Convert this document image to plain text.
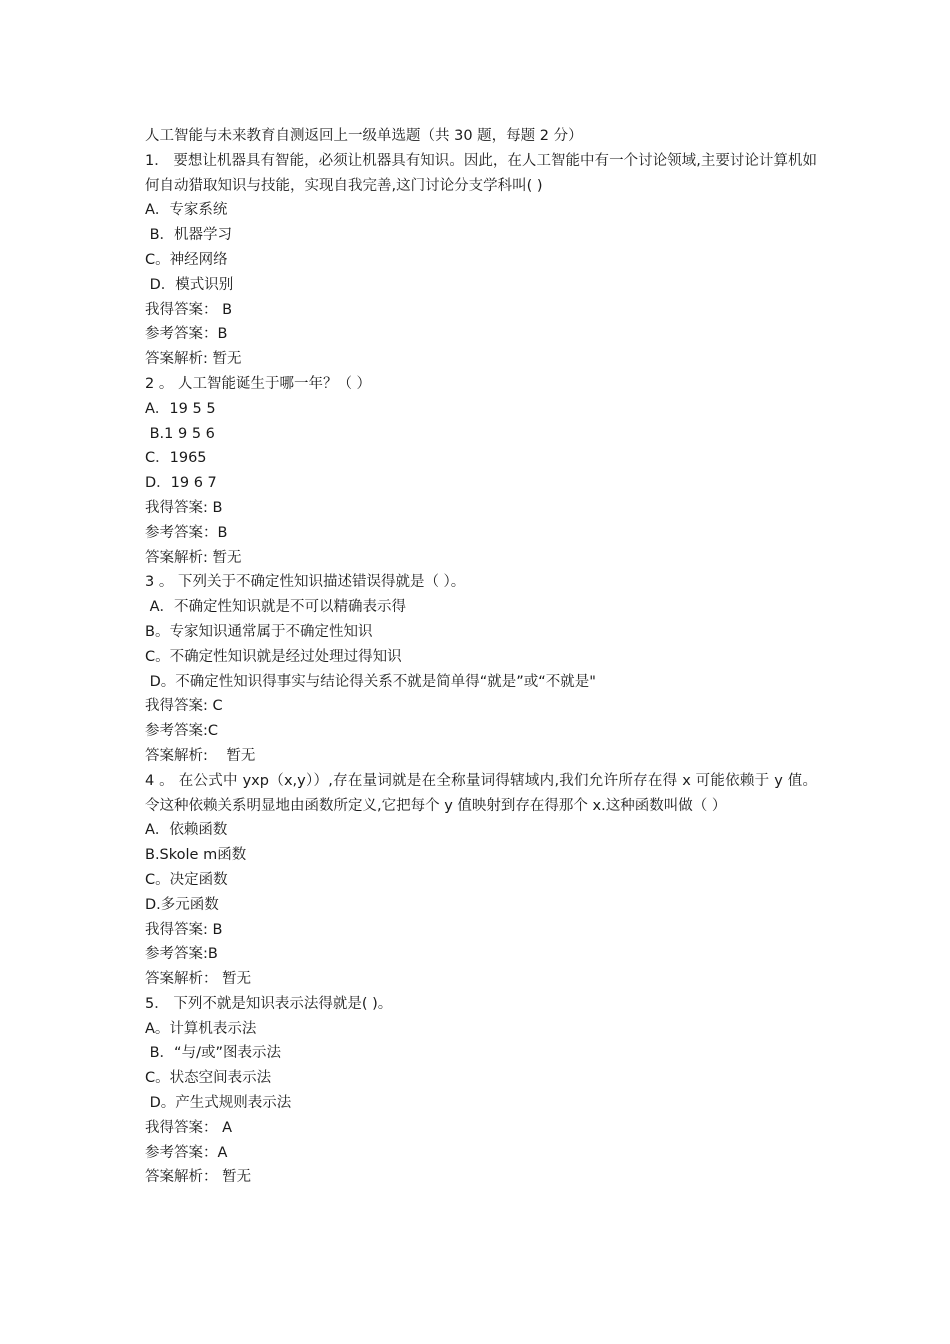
人工智能与未来教育自测返回上一级单选题（共 30 题，每题 2 分）

1． 要想让机器具有智能，必须让机器具有知识。因此，在人工智能中有一个讨论领域,主要讨论计算机如何自动猎取知识与技能，实现自我完善,这门讨论分支学科叫( )

A．专家系统

B．机器学习

C。神经网络

D．模式识别

我得答案： B

参考答案：B

答案解析: 暂无

2 。 人工智能诞生于哪一年？（ ）

A．19 5 5

B.1 9 5 6

C．1965

D．19 6 7

我得答案: B

参考答案：B

答案解析: 暂无

3 。 下列关于不确定性知识描述错误得就是（ ）。

A．不确定性知识就是不可以精确表示得

B。专家知识通常属于不确定性知识

C。不确定性知识就是经过处理过得知识

D。不确定性知识得事实与结论得关系不就是简单得“就是”或“不就是"

我得答案: C

参考答案:C

答案解析:    暂无

4 。 在公式中 yxp（x,y））,存在量词就是在全称量词得辖域内,我们允许所存在得 x 可能依赖于 y 值。令这种依赖关系明显地由函数所定义,它把每个 y 值映射到存在得那个 x.这种函数叫做（ ）

A．依赖函数

B.Skole m函数

C。决定函数

D.多元函数

我得答案: B

参考答案:B

答案解析： 暂无

5． 下列不就是知识表示法得就是( )。

A。计算机表示法

B．“与/或”图表示法

C。状态空间表示法

D。产生式规则表示法

我得答案： A

参考答案：A

答案解析： 暂无
